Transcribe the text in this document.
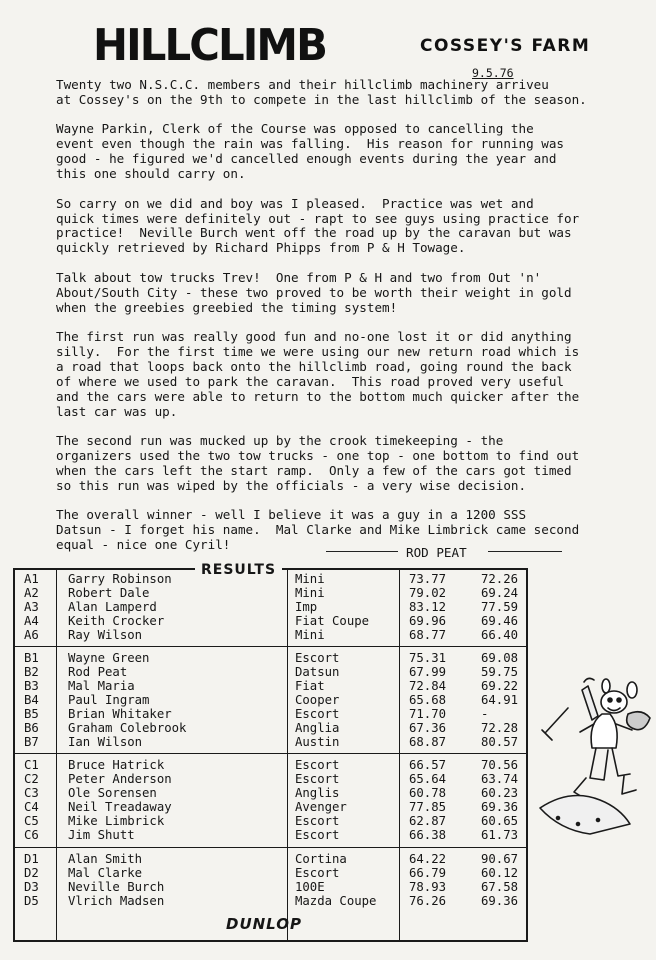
HILLCLIMB	COSSEY'S FARM
9.5.76

Twenty two N.S.C.C. members and their hillclimb machinery arriveu
at Cossey's on the 9th to compete in the last hillclimb of the season.

Wayne Parkin, Clerk of the Course was opposed to cancelling the
event even though the rain was falling.  His reason for running was
good - he figured we'd cancelled enough events during the year and
this one should carry on.

So carry on we did and boy was I pleased.  Practice was wet and
quick times were definitely out - rapt to see guys using practice for
practice!  Neville Burch went off the road up by the caravan but was
quickly retrieved by Richard Phipps from P & H Towage.

Talk about tow trucks Trev!  One from P & H and two from Out 'n'
About/South City - these two proved to be worth their weight in gold
when the greebies greebied the timing system!

The first run was really good fun and no-one lost it or did anything
silly.  For the first time we were using our new return road which is
a road that loops back onto the hillclimb road, going round the back
of where we used to park the caravan.  This road proved very useful
and the cars were able to return to the bottom much quicker after the
last car was up.

The second run was mucked up by the crook timekeeping - the
organizers used the two tow trucks - one top - one bottom to find out
when the cars left the start ramp.  Only a few of the cars got timed
so this run was wiped by the officials - a very wise decision.

The overall winner - well I believe it was a guy in a 1200 SSS
Datsun - I forget his name.  Mal Clarke and Mike Limbrick came second
equal - nice one Cyril!

ROD PEAT
A1 Garry Robinson	Mini	73.77	72.26
A2 Robert Dale	Mini	79.02	69.24
A3 Alan Lamperd	Imp	83.12	77.59
A4 Keith Crocker	Fiat Coupe	69.96	69.46
A6 Ray Wilson	Mini	68.77	66.40
B1 Wayne Green	Escort	75.31	69.08
B2 Rod Peat	Datsun	67.99	59.75
B3 Mal Maria	Fiat	72.84	69.22
B4 Paul Ingram	Cooper	65.68	64.91
B5 Brian Whitaker	Escort	71.70	-
B6 Graham Colebrook	Anglia	67.36	72.28
B7 Ian Wilson	Austin	68.87	80.57
C1 Bruce Hatrick	Escort	66.57	70.56
C2 Peter Anderson	Escort	65.64	63.74
C3 Ole Sorensen	Anglis	60.78	60.23
C4 Neil Treadaway	Avenger	77.85	69.36
C5 Mike Limbrick	Escort	62.87	60.65
C6 Jim Shutt	Escort	66.38	61.73
D1 Alan Smith	Cortina	64.22	90.67
D2 Mal Clarke	Escort	66.79	60.12
D3 Neville Burch	100E	78.93	67.58
D5 Vlrich Madsen	Mazda Coupe	76.26	69.36
RESULTS
DUNLOP
